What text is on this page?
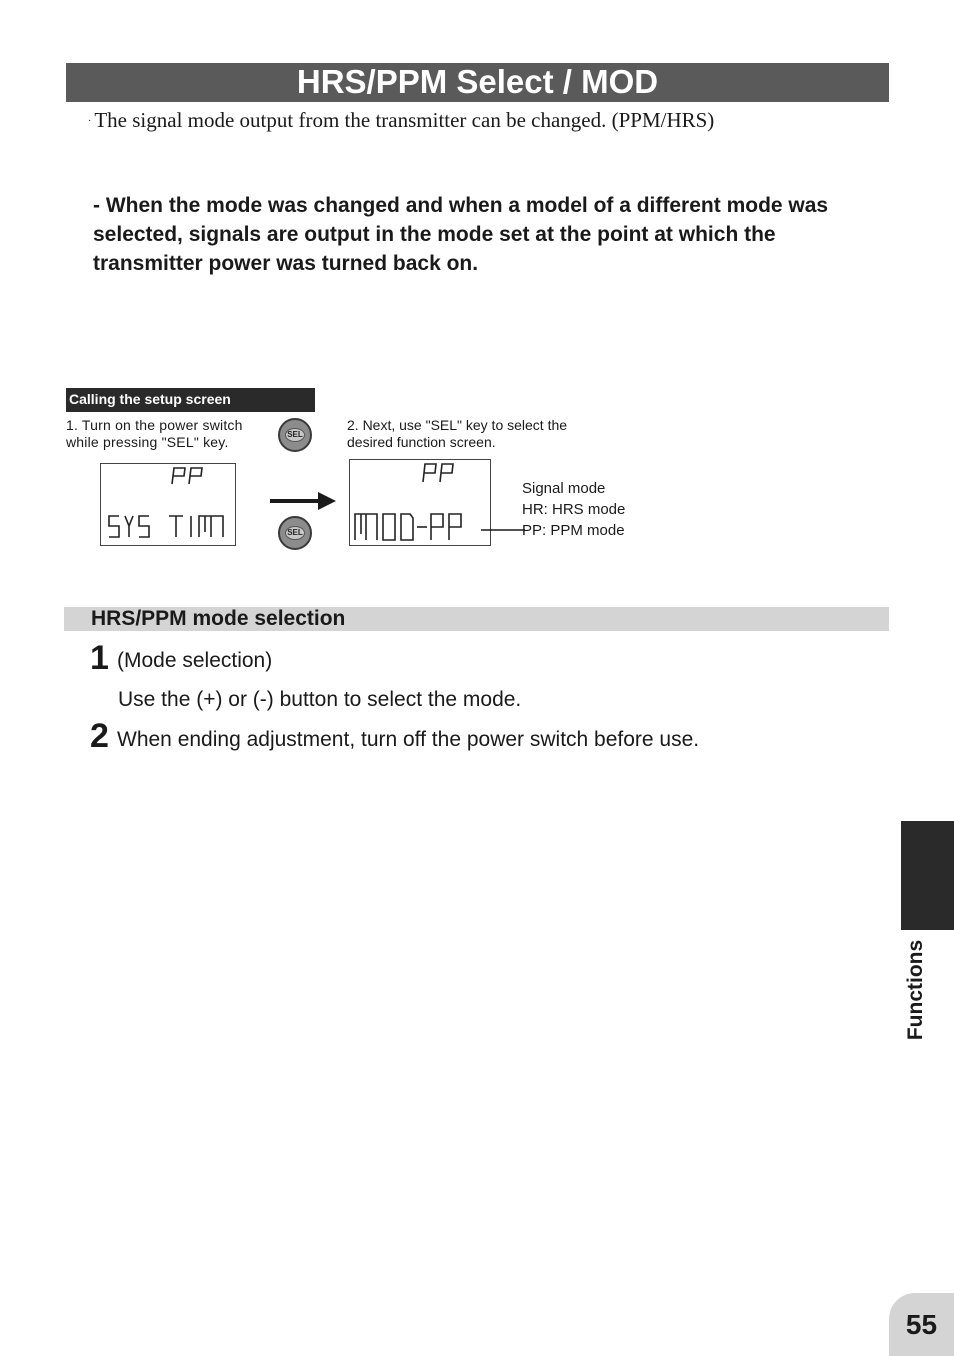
HRS/PPM Select / MOD
· The signal mode output from the transmitter can be changed. (PPM/HRS)
- When the mode was changed and when a model of a different mode was selected, signals are output in the mode set at the point at which the transmitter power was turned back on.
Calling the setup screen
1. Turn on the power switch while pressing "SEL" key.
2. Next, use "SEL" key to select the desired function screen.
SEL
SEL
Signal mode
HR: HRS mode
PP: PPM mode
HRS/PPM mode selection
1 (Mode selection)
Use the (+) or (-) button to select the mode.
2 When ending adjustment, turn off the power switch before use.
Functions
55
